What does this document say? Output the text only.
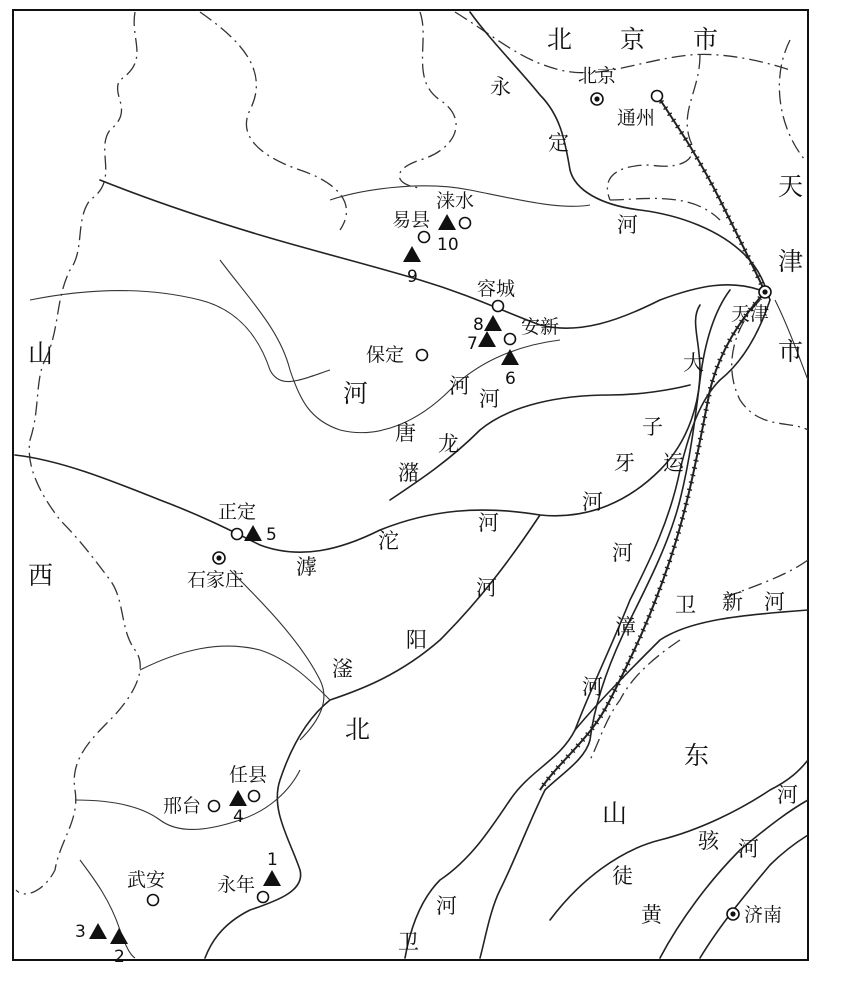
北 京 市
天
津
市
山
西
河
北
东
山
永
定
河
唐
河
龙
河
潴
滹
沱
河
滏
阳
河
子
牙
河
大
运
河
漳
河
卫 新 河
卫
河
徒
骇 河
黄
河
北京
通州
天津
易县
涞水
容城
安新
保定
正定
石家庄
任县
邢台
武安	永年
济南
1
2
3
4
5
6
7
8
9
10
